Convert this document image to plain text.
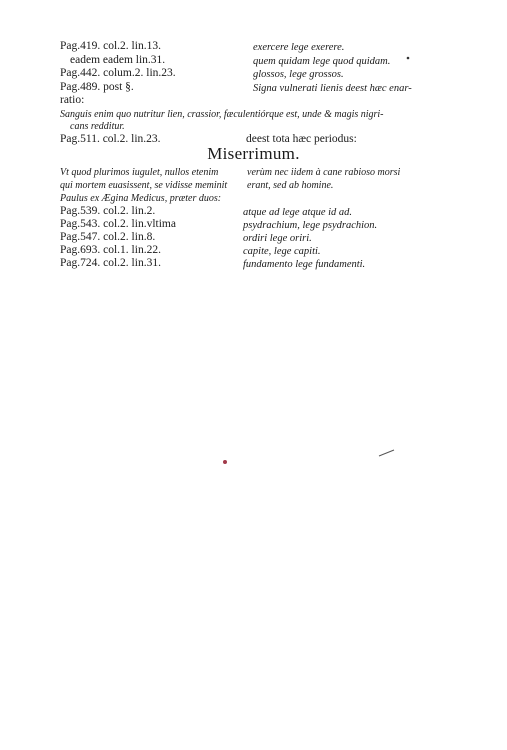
Pag.419. col.2. lin.13.	exercere lege exerere.
eadem eadem lin.31.	quem quidam lege quod quidam.
Pag.442. colum.2. lin.23.	glossos, lege grossos.
Pag.489. post §.	Signa vulnerati lienis deest hæc enar-
ratio:
Sanguis enim quo nutritur lien, crassior, fæculentiórque est, unde & magis nigri-
cans redditur.
Pag.511. col.2. lin.23.	deest tota hæc periodus:
Miserrimum.
Vt quod plurimos iugulet, nullos etenim
qui mortem euasissent, se vidisse meminit
verùm nec iidem à cane rabioso morsi
erant, sed ab homine.
Paulus ex Ægina Medicus, præter duos:
Pag.539. col.2. lin.2.	atque ad lege atque id ad.
Pag.543. col.2. lin.vltima	psydrachium, lege psydrachion.
Pag.547. col.2. lin.8.	ordiri lege oriri.
Pag.693. col.1. lin.22.	capite, lege capiti.
Pag.724. col.2. lin.31.	fundamento lege fundamenti.
